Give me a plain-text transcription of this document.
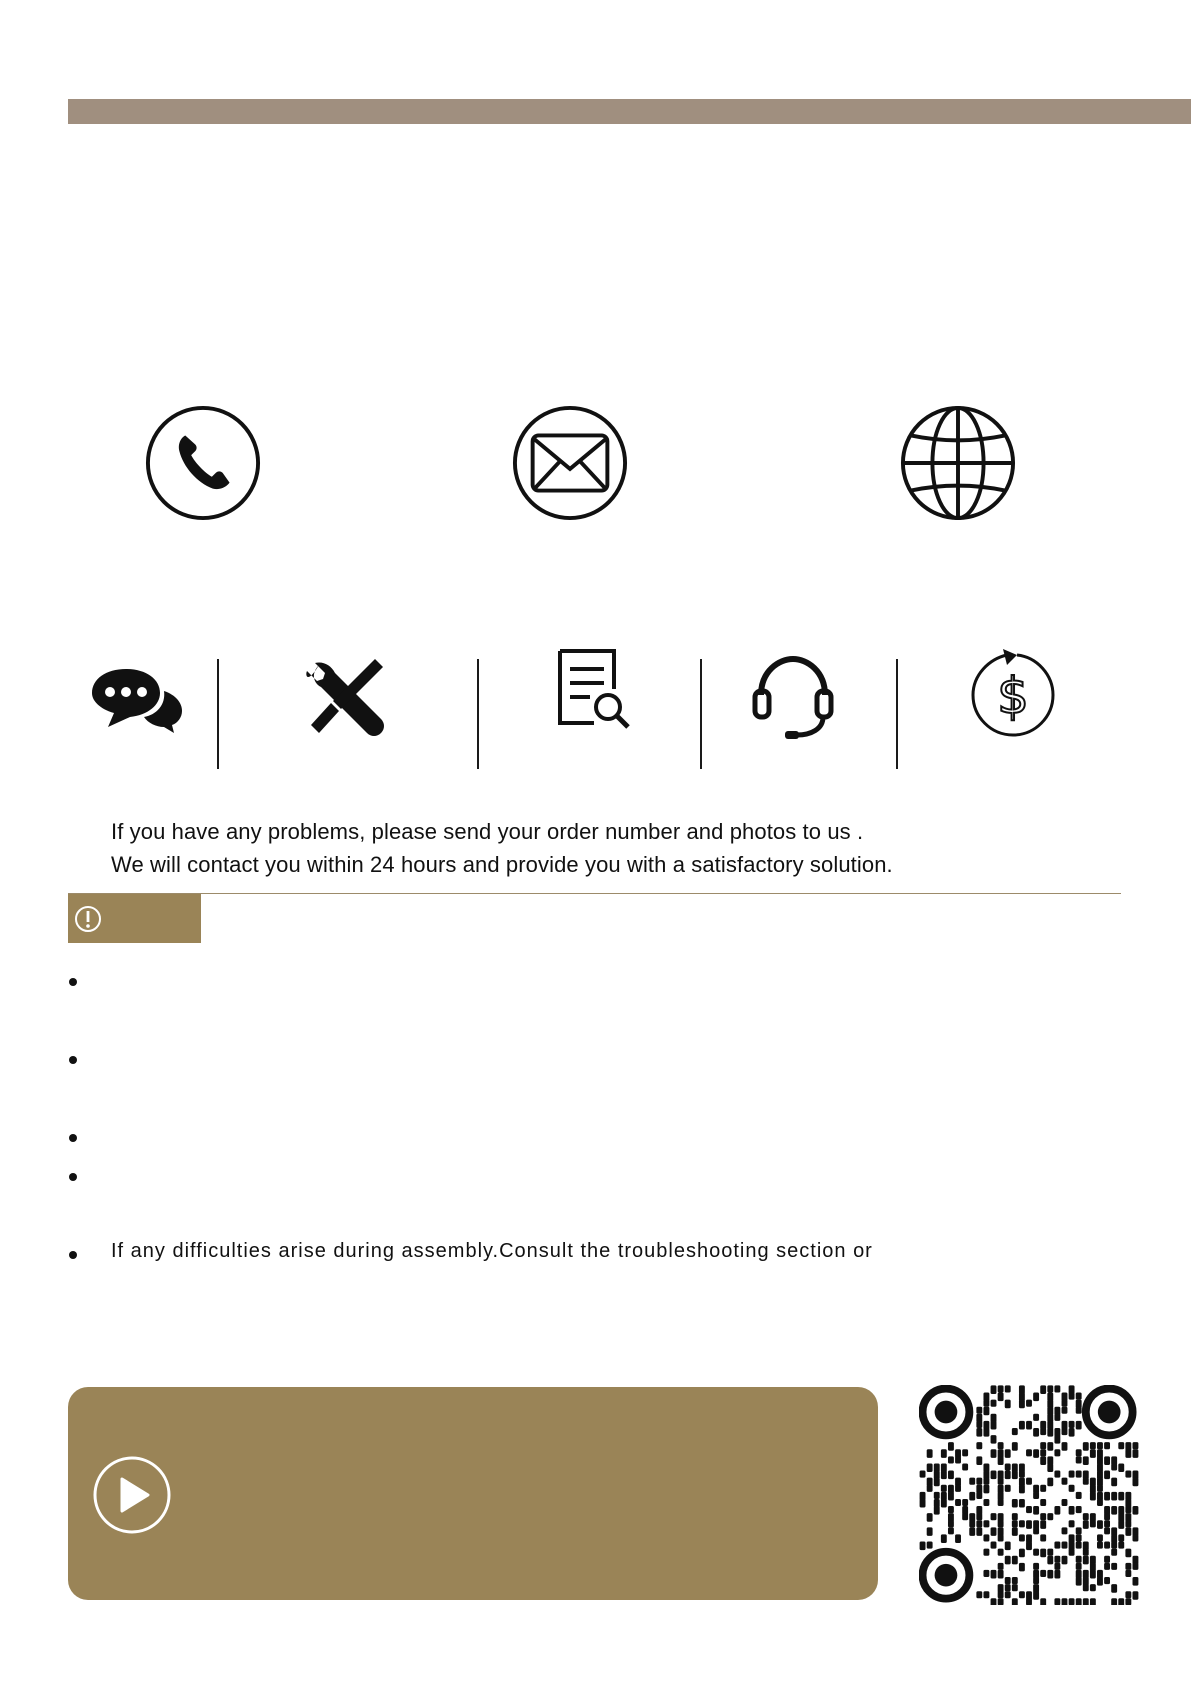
$
If you have any problems, please send your order number and photos to us .
We will contact you within 24 hours and provide you with a satisfactory solution.
If any difficulties arise during assembly.Consult the troubleshooting section or
